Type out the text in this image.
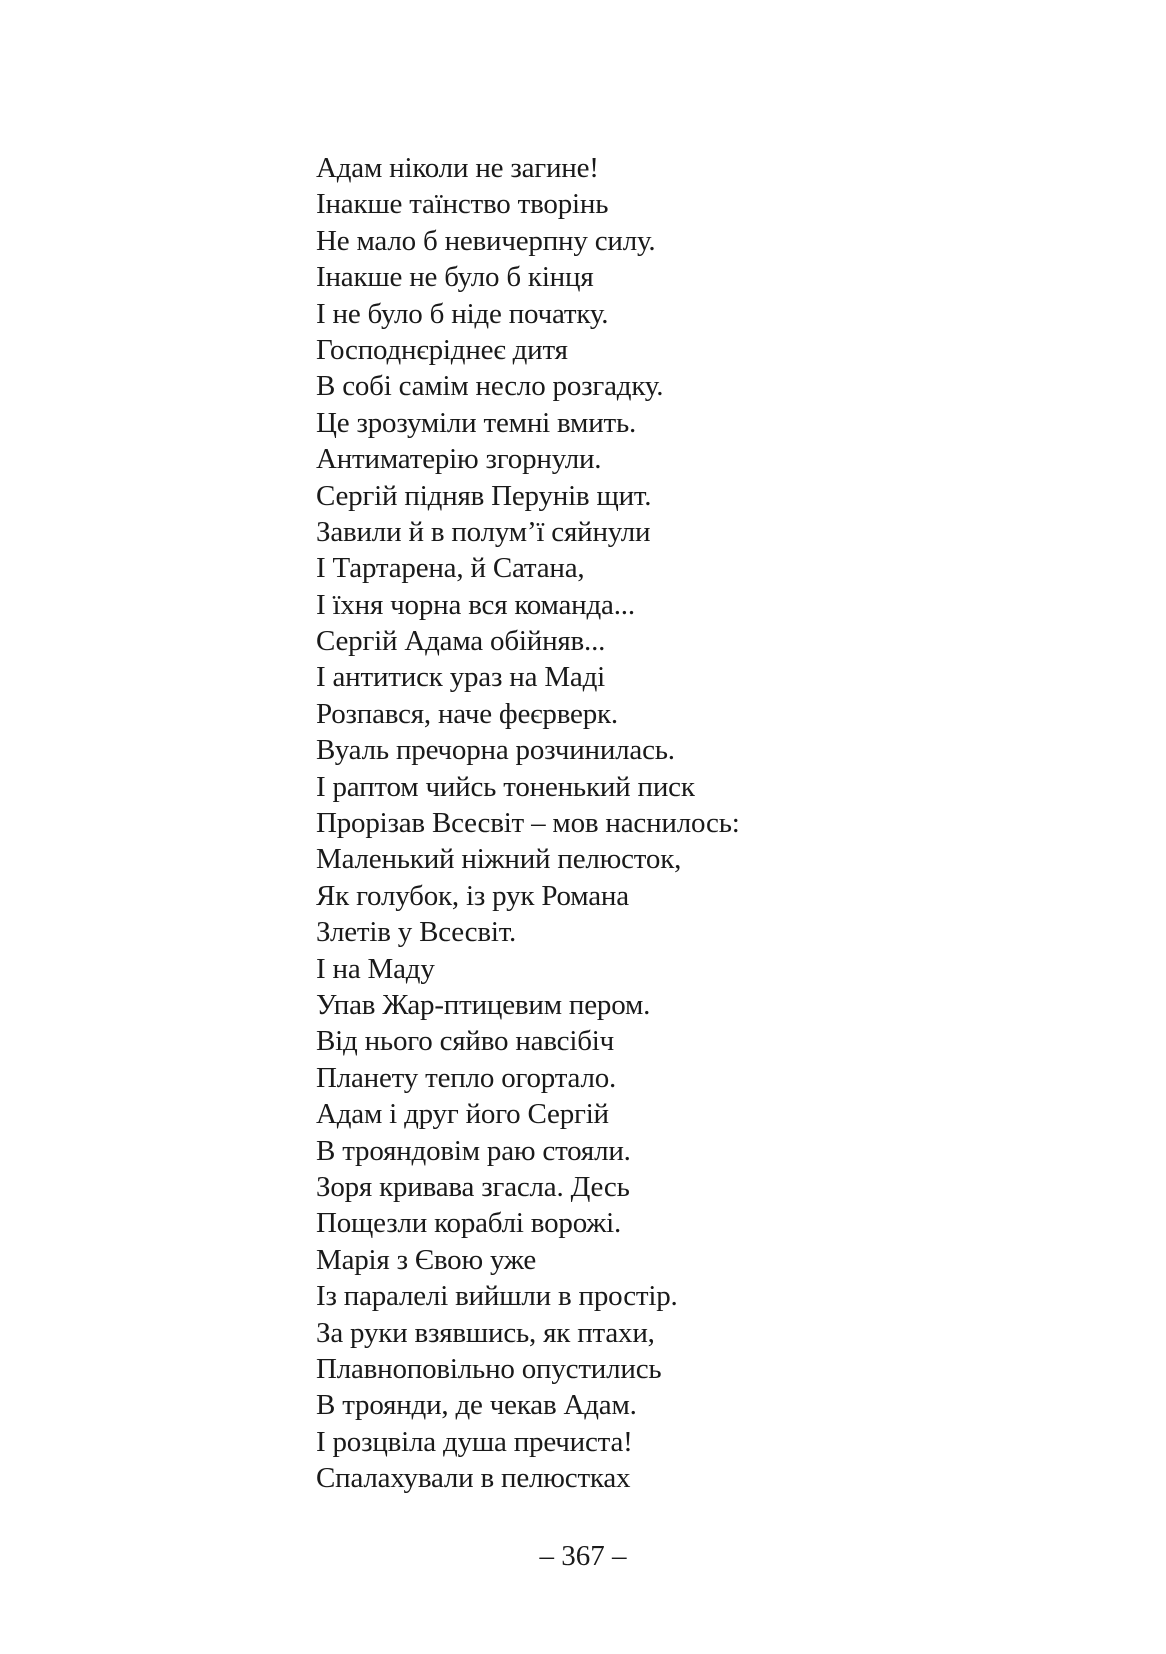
Адам ніколи не загине!
Інакше таїнство творінь
Не мало б невичерпну силу.
Інакше не було б кінця
І не було б ніде початку.
Господнєріднеє дитя
В собі самім несло розгадку.
Це зрозуміли темні вмить.
Антиматерію згорнули.
Сергій підняв Перунів щит.
Завили й в полум’ї сяйнули
І Тартарена, й Сатана,
І їхня чорна вся команда...
Сергій Адама обійняв...
І антитиск ураз на Маді
Розпався, наче феєрверк.
Вуаль пречорна розчинилась.
І раптом чийсь тоненький писк
Прорізав Всесвіт – мов наснилось:
Маленький ніжний пелюсток,
Як голубок, із рук Романа
Злетів у Всесвіт.
І на Маду
Упав Жар-птицевим пером.
Від нього сяйво навсібіч
Планету тепло огортало.
Адам і друг його Сергій
В трояндовім раю стояли.
Зоря кривава згасла. Десь
Пощезли кораблі ворожі.
Марія з Євою уже
Із паралелі вийшли в простір.
За руки взявшись, як птахи,
Плавноповільно опустились
В троянди, де чекав Адам.
І розцвіла душа пречиста!
Спалахували в пелюстках
– 367 –
